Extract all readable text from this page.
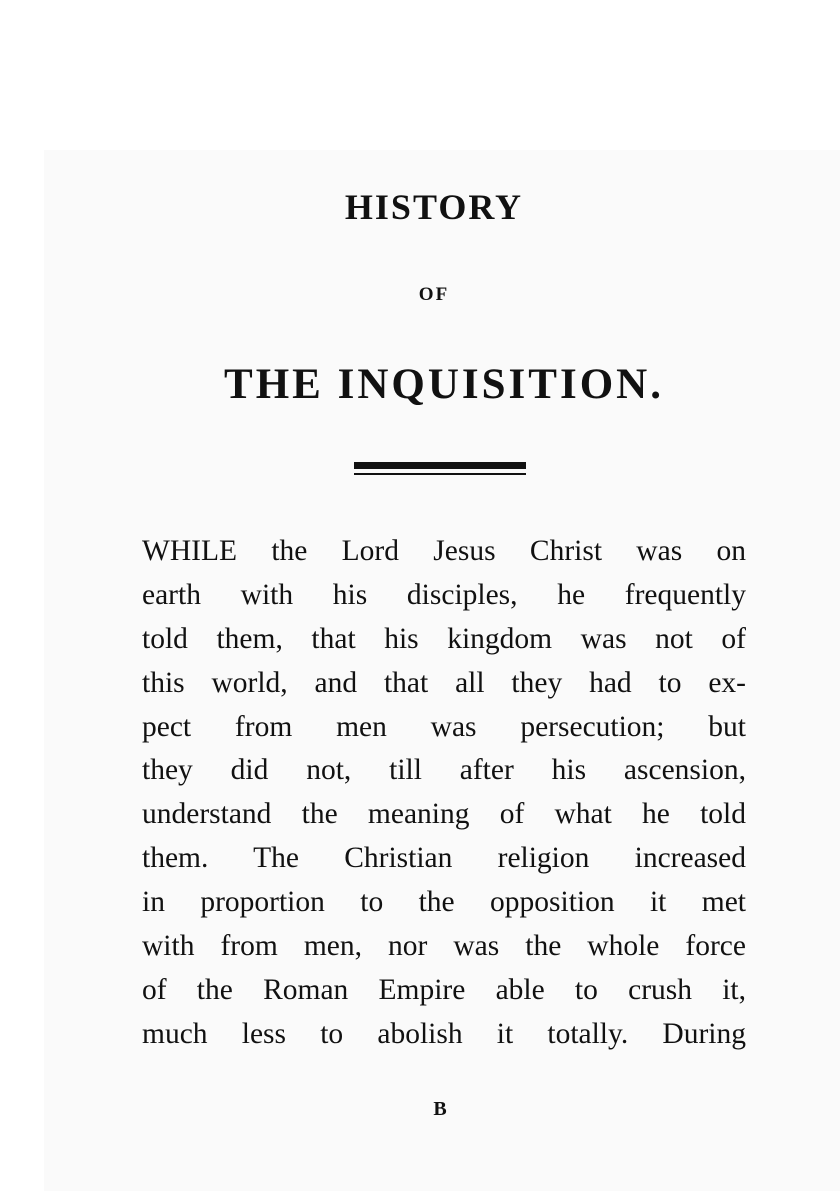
HISTORY
OF
THE INQUISITION.
WHILE the Lord Jesus Christ was on
earth with his disciples, he frequently
told them, that his kingdom was not of
this world, and that all they had to ex-
pect from men was persecution; but
they did not, till after his ascension,
understand the meaning of what he told
them. The Christian religion increased
in proportion to the opposition it met
with from men, nor was the whole force
of the Roman Empire able to crush it,
much less to abolish it totally. During
B
